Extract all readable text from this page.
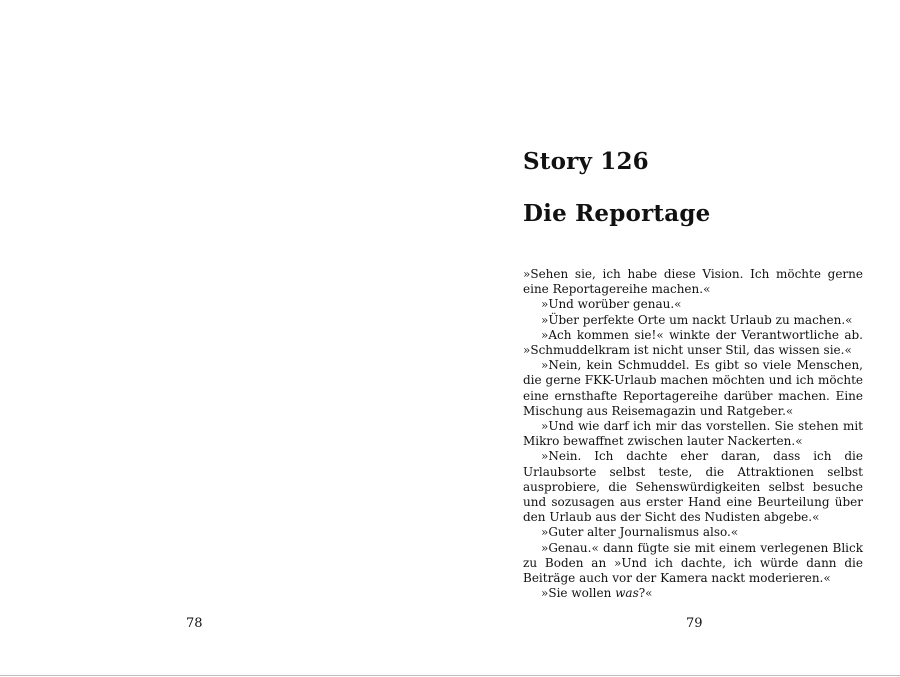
78
Story 126
Die Reportage

»Sehen sie, ich habe diese Vision. Ich möchte gerne eine Reportagereihe machen.«

»Und worüber genau.«

»Über perfekte Orte um nackt Urlaub zu machen.«

»Ach kommen sie!« winkte der Verantwortliche ab. »Schmuddelkram ist nicht unser Stil, das wissen sie.«

»Nein, kein Schmuddel. Es gibt so viele Menschen, die gerne FKK-Urlaub machen möchten und ich möchte eine ernsthafte Reportagereihe darüber machen. Eine Mischung aus Reisemagazin und Ratgeber.«

»Und wie darf ich mir das vorstellen. Sie stehen mit Mikro bewaffnet zwischen lauter Nackerten.«

»Nein. Ich dachte eher daran, dass ich die Urlaubsorte selbst teste, die Attraktionen selbst ausprobiere, die Sehenswürdigkeiten selbst besuche und sozusagen aus erster Hand eine Beurteilung über den Urlaub aus der Sicht des Nudisten abgebe.«

»Guter alter Journalismus also.«

»Genau.« dann fügte sie mit einem verlegenen Blick zu Boden an »Und ich dachte, ich würde dann die Beiträge auch vor der Kamera nackt moderieren.«

»Sie wollen was?«

79
